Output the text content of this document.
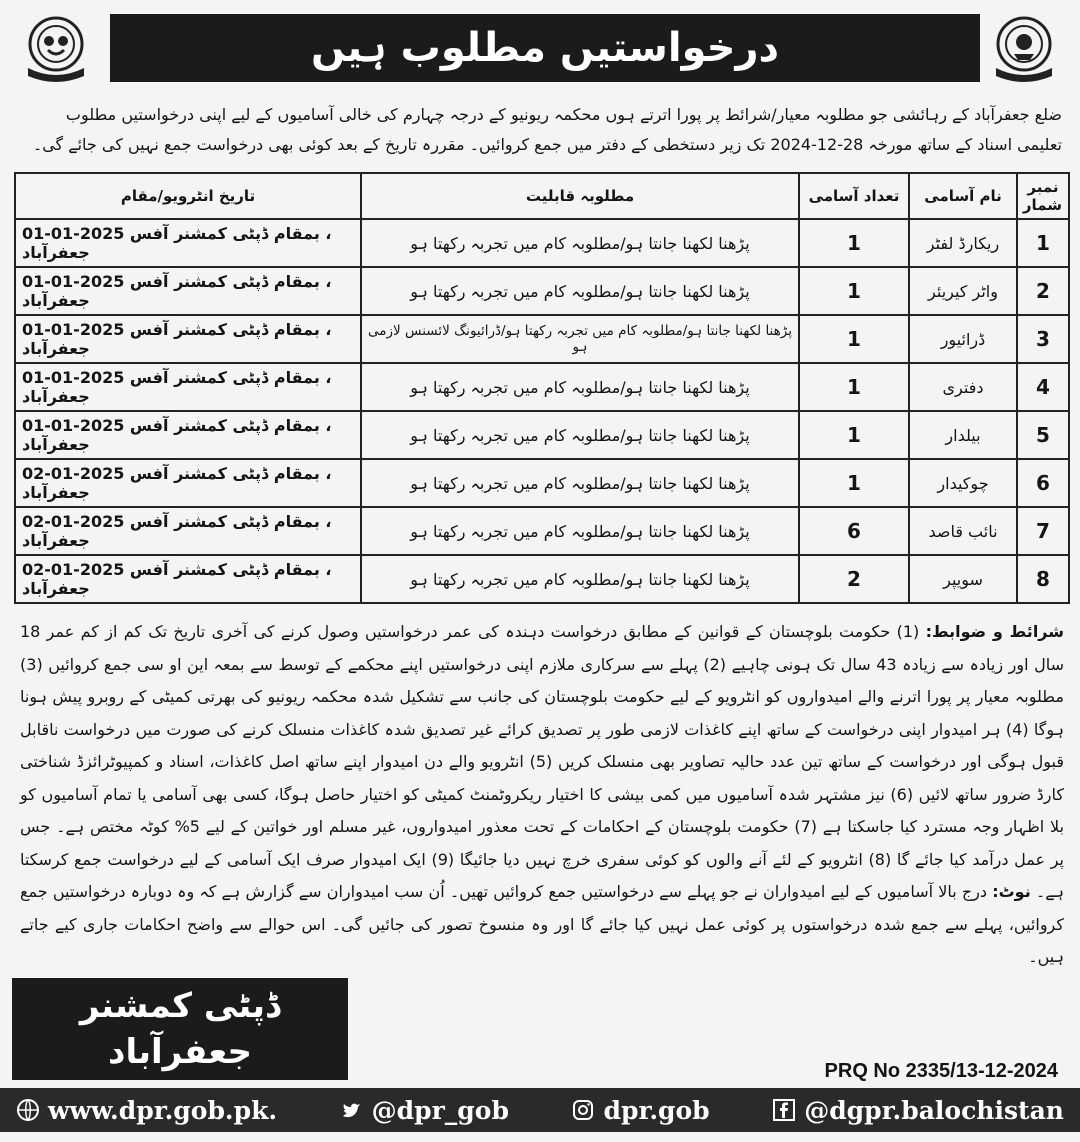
درخواستیں مطلوب ہیں
ضلع جعفرآباد کے رہائشی جو مطلوبہ معیار/شرائط پر پورا اترتے ہوں محکمہ ریونیو کے درجہ چہارم کی خالی آسامیوں کے لیے اپنی درخواستیں مطلوب تعلیمی اسناد کے ساتھ مورخہ 28-12-2024 تک زیر دستخطی کے دفتر میں جمع کروائیں۔ مقررہ تاریخ کے بعد کوئی بھی درخواست جمع نہیں کی جائے گی۔
نمبر شمار	نام آسامی	تعداد آسامی	مطلوبہ قابلیت	تاریخ انٹرویو/مقام
1	ریکارڈ لفٹر	1	پڑھنا لکھنا جانتا ہو/مطلوبہ کام میں تجربہ رکھتا ہو	01-01-2025 ، بمقام ڈپٹی کمشنر آفس جعفرآباد
2	واٹر کیریئر	1	پڑھنا لکھنا جانتا ہو/مطلوبہ کام میں تجربہ رکھتا ہو	01-01-2025 ، بمقام ڈپٹی کمشنر آفس جعفرآباد
3	ڈرائیور	1	پڑھنا لکھنا جانتا ہو/مطلوبہ کام میں تجربہ رکھتا ہو/ڈرائیونگ لائسنس لازمی ہو	01-01-2025 ، بمقام ڈپٹی کمشنر آفس جعفرآباد
4	دفتری	1	پڑھنا لکھنا جانتا ہو/مطلوبہ کام میں تجربہ رکھتا ہو	01-01-2025 ، بمقام ڈپٹی کمشنر آفس جعفرآباد
5	بیلدار	1	پڑھنا لکھنا جانتا ہو/مطلوبہ کام میں تجربہ رکھتا ہو	01-01-2025 ، بمقام ڈپٹی کمشنر آفس جعفرآباد
6	چوکیدار	1	پڑھنا لکھنا جانتا ہو/مطلوبہ کام میں تجربہ رکھتا ہو	02-01-2025 ، بمقام ڈپٹی کمشنر آفس جعفرآباد
7	نائب قاصد	6	پڑھنا لکھنا جانتا ہو/مطلوبہ کام میں تجربہ رکھتا ہو	02-01-2025 ، بمقام ڈپٹی کمشنر آفس جعفرآباد
8	سویپر	2	پڑھنا لکھنا جانتا ہو/مطلوبہ کام میں تجربہ رکھتا ہو	02-01-2025 ، بمقام ڈپٹی کمشنر آفس جعفرآباد
شرائط و ضوابط: (1) حکومت بلوچستان کے قوانین کے مطابق درخواست دہندہ کی عمر درخواستیں وصول کرنے کی آخری تاریخ تک کم از کم عمر 18 سال اور زیادہ سے زیادہ 43 سال تک ہونی چاہیے (2) پہلے سے سرکاری ملازم اپنی درخواستیں اپنے محکمے کے توسط سے بمعہ این او سی جمع کروائیں (3) مطلوبہ معیار پر پورا اترنے والے امیدواروں کو انٹرویو کے لیے حکومت بلوچستان کی جانب سے تشکیل شدہ محکمہ ریونیو کی بھرتی کمیٹی کے روبرو پیش ہونا ہوگا (4) ہر امیدوار اپنی درخواست کے ساتھ اپنے کاغذات لازمی طور پر تصدیق کرائے غیر تصدیق شدہ کاغذات منسلک کرنے کی صورت میں درخواست ناقابل قبول ہوگی اور درخواست کے ساتھ تین عدد حالیہ تصاویر بھی منسلک کریں (5) انٹرویو والے دن امیدوار اپنے ساتھ اصل کاغذات، اسناد و کمپیوٹرائزڈ شناختی کارڈ ضرور ساتھ لائیں (6) نیز مشتہر شدہ آسامیوں میں کمی بیشی کا اختیار ریکروٹمنٹ کمیٹی کو اختیار حاصل ہوگا، کسی بھی آسامی یا تمام آسامیوں کو بلا اظہار وجہ مسترد کیا جاسکتا ہے (7) حکومت بلوچستان کے احکامات کے تحت معذور امیدواروں، غیر مسلم اور خواتین کے لیے 5% کوٹہ مختص ہے۔ جس پر عمل درآمد کیا جائے گا (8) انٹرویو کے لئے آنے والوں کو کوئی سفری خرچ نہیں دیا جائیگا (9) ایک امیدوار صرف ایک آسامی کے لیے درخواست جمع کرسکتا ہے۔ نوٹ: درج بالا آسامیوں کے لیے امیدواران نے جو پہلے سے درخواستیں جمع کروائیں تھیں۔ اُن سب امیدواران سے گزارش ہے کہ وہ دوبارہ درخواستیں جمع کروائیں، پہلے سے جمع شدہ درخواستوں پر کوئی عمل نہیں کیا جائے گا اور وہ منسوخ تصور کی جائیں گی۔ اس حوالے سے واضح احکامات جاری کیے جاتے ہیں۔
ڈپٹی کمشنر
جعفرآباد	PRQ No 2335/13-12-2024
www.dpr.gob.pk.	@dpr_gob	dpr.gob	@dgpr.balochistan
